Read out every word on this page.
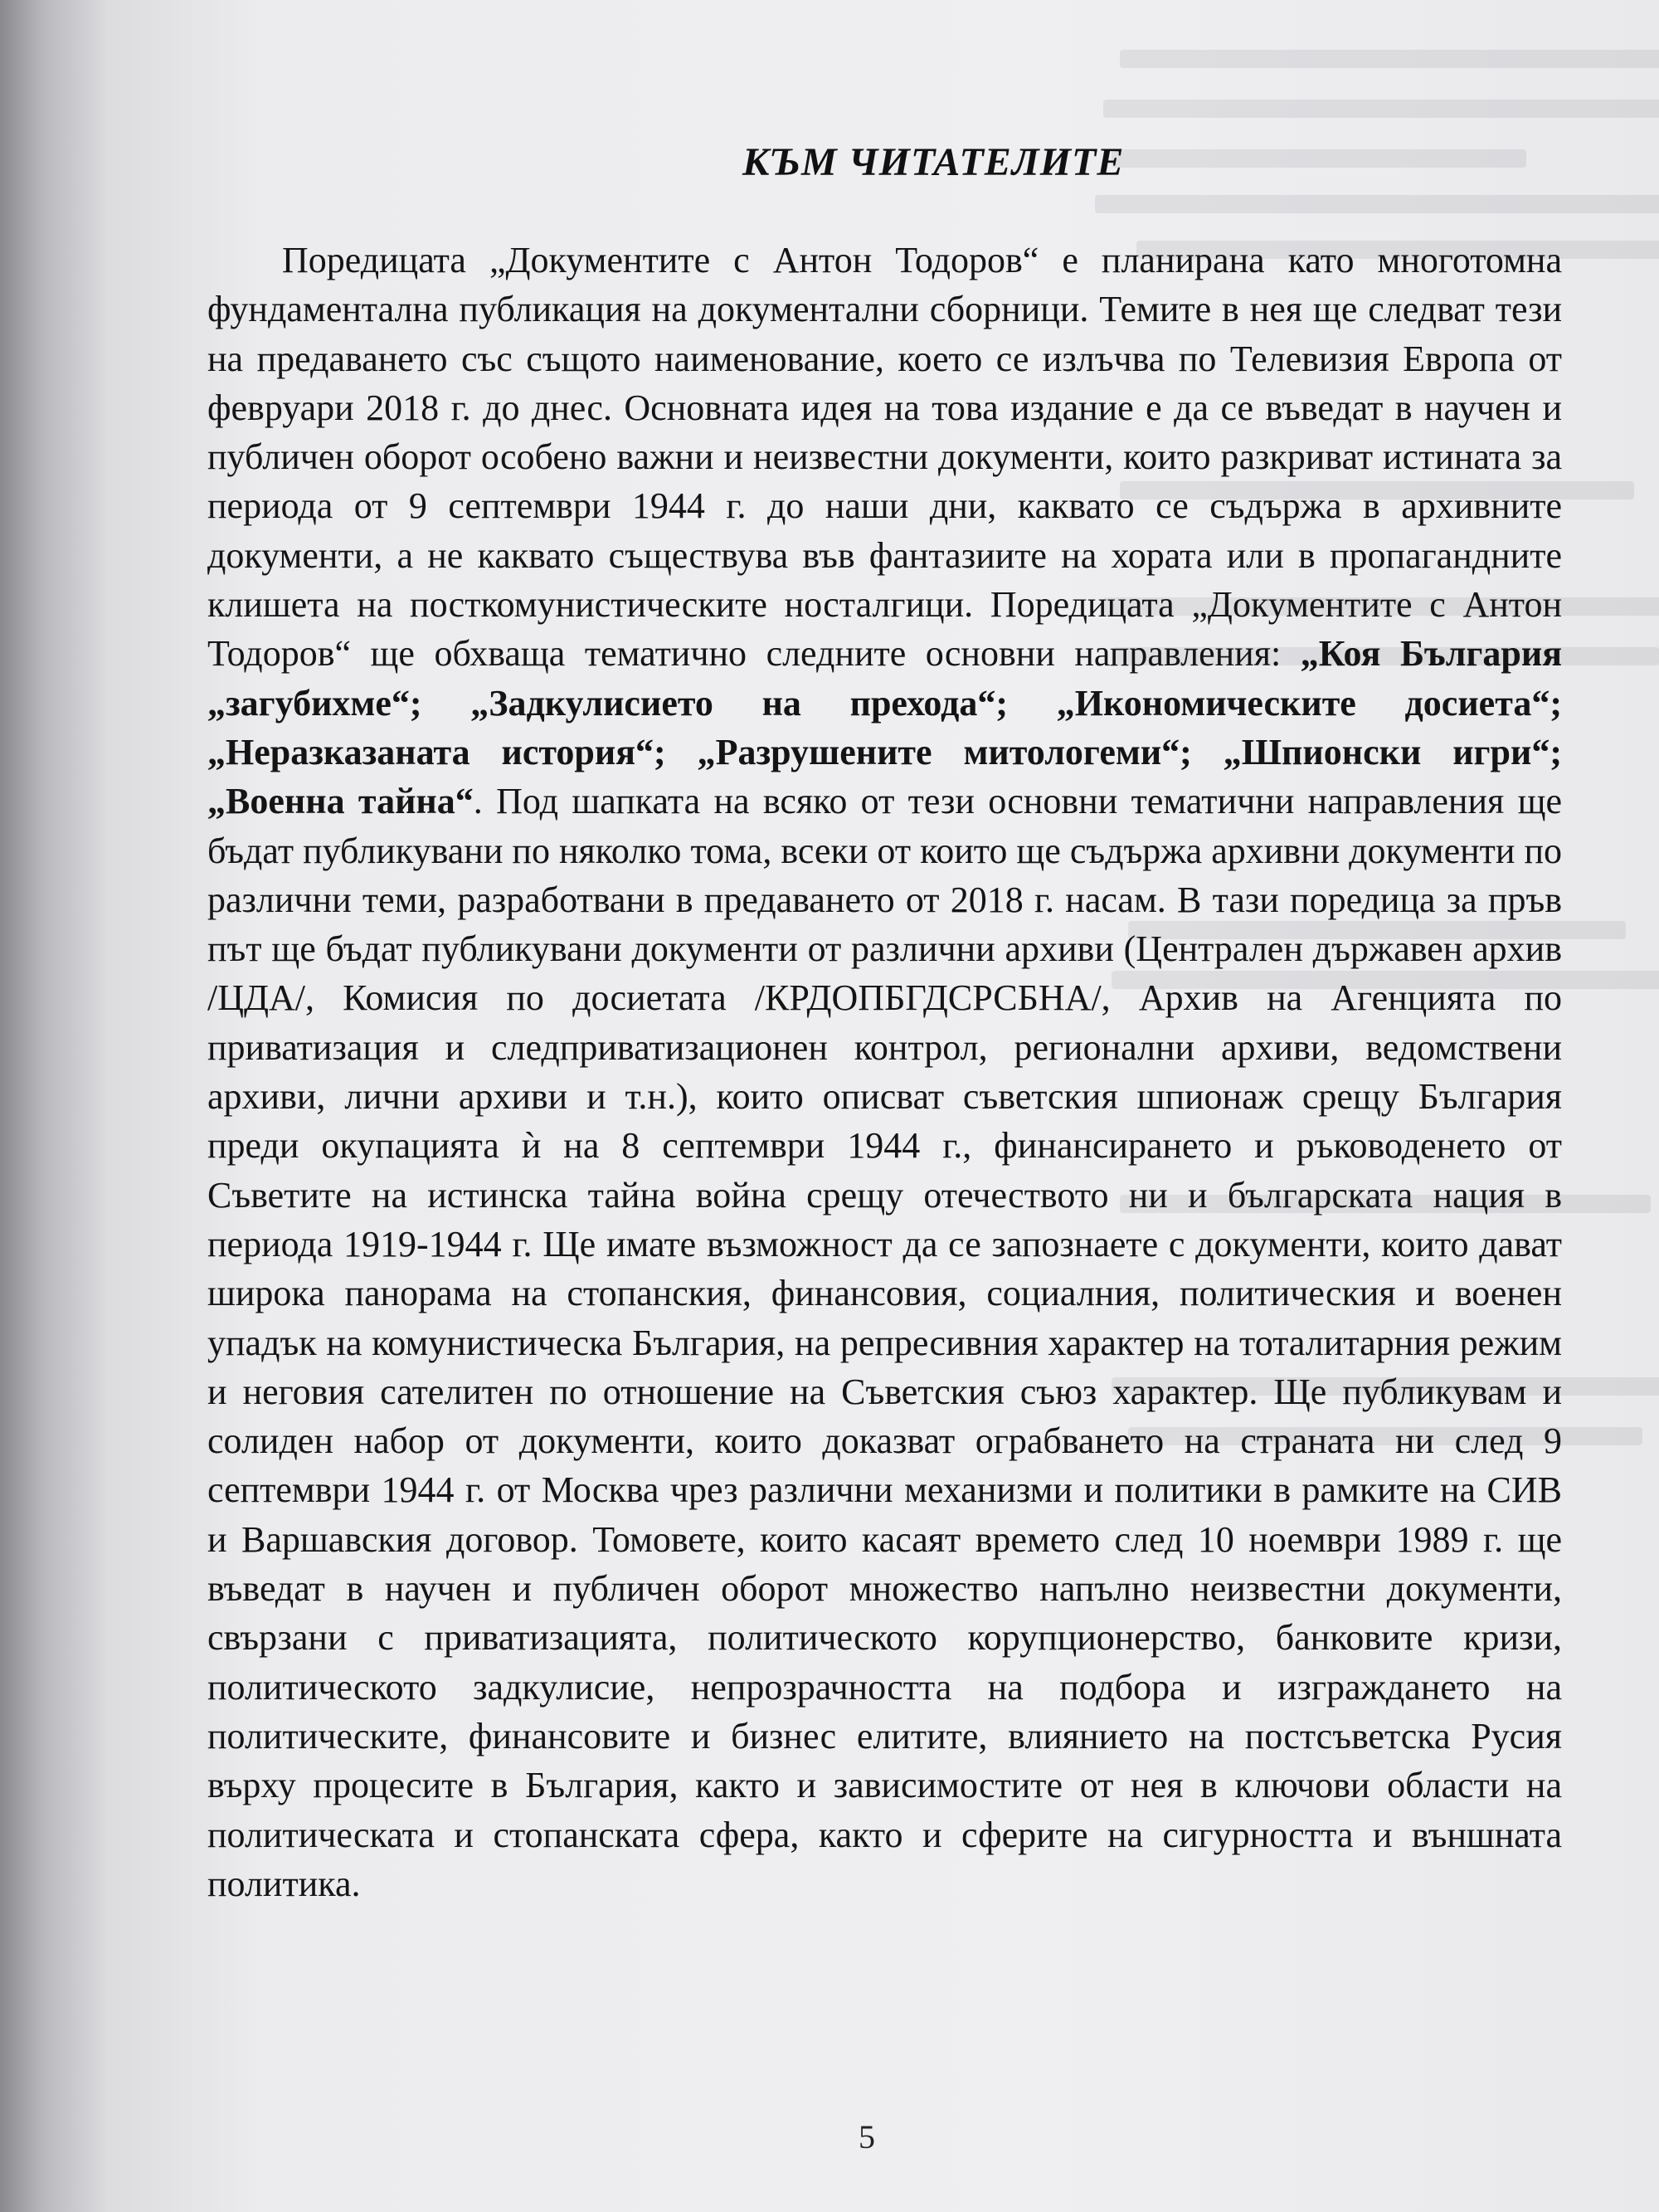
КЪМ ЧИТАТЕЛИТЕ

Поредицата „Документите с Антон Тодоров“ е планирана като многотомна фундаментална публикация на документални сборници. Темите в нея ще следват тези на предаването със същото наименование, което се излъчва по Телевизия Европа от февруари 2018 г. до днес. Основната идея на това издание е да се въведат в научен и публичен оборот особено важни и неизвестни документи, които разкриват истината за периода от 9 септември 1944 г. до наши дни, каквато се съдържа в архивните документи, а не каквато съществува във фантазиите на хората или в пропагандните клишета на посткомунистическите носталгици. Поредицата „Документите с Антон Тодоров“ ще обхваща тематично следните основни направления: „Коя България „загубихме“; „Задкулисието на прехода“; „Икономическите досиета“; „Неразказаната история“; „Разрушените митологеми“; „Шпионски игри“; „Военна тайна“. Под шапката на всяко от тези основни тематични направления ще бъдат публикувани по няколко тома, всеки от които ще съдържа архивни документи по различни теми, разработвани в предаването от 2018 г. насам. В тази поредица за пръв път ще бъдат публикувани документи от различни архиви (Централен държавен архив /ЦДА/, Комисия по досиетата /КРДОПБГДСРСБНА/, Архив на Агенцията по приватизация и следприватизационен контрол, регионални архиви, ведомствени архиви, лични архиви и т.н.), които описват съветския шпионаж срещу България преди окупацията ѝ на 8 септември 1944 г., финансирането и ръководенето от Съветите на истинска тайна война срещу отечеството ни и българската нация в периода 1919-1944 г. Ще имате възможност да се запознаете с документи, които дават широка панорама на стопанския, финансовия, социалния, политическия и военен упадък на комунистическа България, на репресивния характер на тоталитарния режим и неговия сателитен по отношение на Съветския съюз характер. Ще публикувам и солиден набор от документи, които доказват ограбването на страната ни след 9 септември 1944 г. от Москва чрез различни механизми и политики в рамките на СИВ и Варшавския договор. Томовете, които касаят времето след 10 ноември 1989 г. ще въведат в научен и публичен оборот множество напълно неизвестни документи, свързани с приватизацията, политическото корупционерство, банковите кризи, политическото задкулисие, непрозрачността на подбора и изграждането на политическите, финансовите и бизнес елитите, влиянието на постсъветска Русия върху процесите в България, както и зависимостите от нея в ключови области на политическата и стопанската сфера, както и сферите на сигурността и външната политика.

5
